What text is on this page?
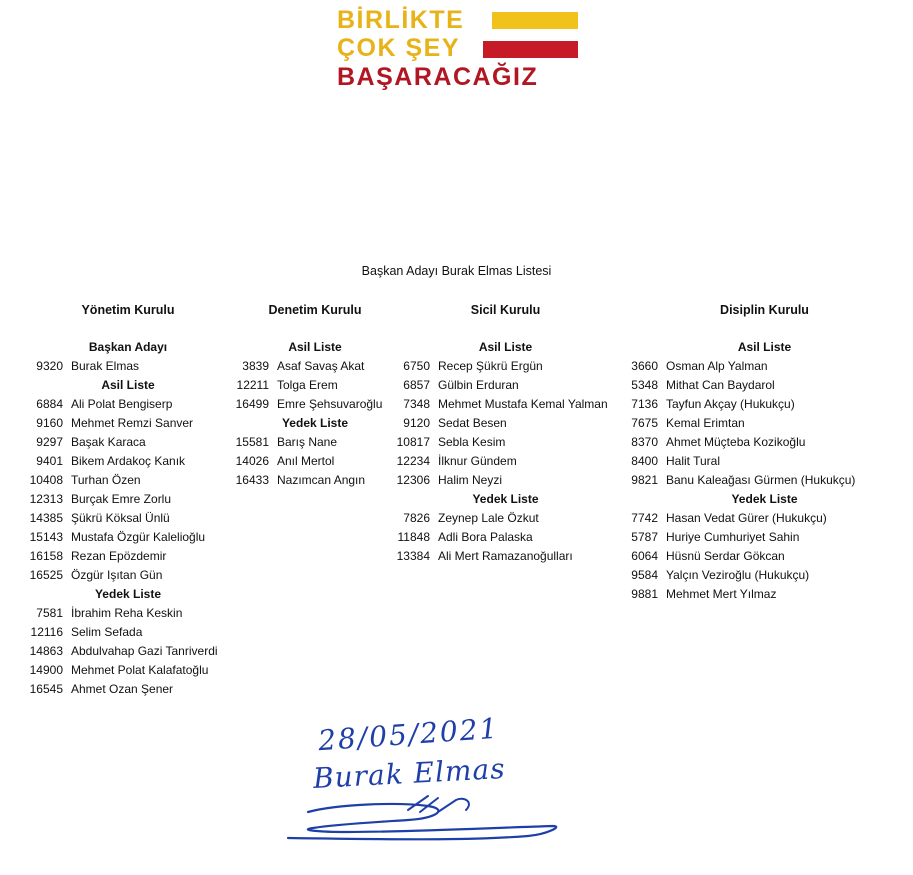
BİRLİKTE
ÇOK ŞEY
BAŞARACAĞIZ
Başkan Adayı Burak Elmas Listesi
Yönetim Kurulu
Başkan Adayı
9320 Burak Elmas
Asil Liste
6884 Ali Polat Bengiserp
9160 Mehmet Remzi Sanver
9297 Başak Karaca
9401 Bikem Ardakoç Kanık
10408 Turhan Özen
12313 Burçak Emre Zorlu
14385 Şükrü Köksal Ünlü
15143 Mustafa Özgür Kalelioğlu
16158 Rezan Epözdemir
16525 Özgür Işıtan Gün
Yedek Liste
7581 İbrahim Reha Keskin
12116 Selim Sefada
14863 Abdulvahap Gazi Tanriverdi
14900 Mehmet Polat Kalafatoğlu
16545 Ahmet Ozan Şener
Denetim Kurulu
Asil Liste
3839 Asaf Savaş Akat
12211 Tolga Erem
16499 Emre Şehsuvaroğlu
Yedek Liste
15581 Barış Nane
14026 Anıl Mertol
16433 Nazımcan Angın
Sicil Kurulu
Asil Liste
6750 Recep Şükrü Ergün
6857 Gülbin Erduran
7348 Mehmet Mustafa Kemal Yalman
9120 Sedat Besen
10817 Sebla Kesim
12234 İlknur Gündem
12306 Halim Neyzi
Yedek Liste
7826 Zeynep Lale Özkut
11848 Adli Bora Palaska
13384 Ali Mert Ramazanoğulları
Disiplin Kurulu
Asil Liste
3660 Osman Alp Yalman
5348 Mithat Can Baydarol
7136 Tayfun Akçay (Hukukçu)
7675 Kemal Erimtan
8370 Ahmet Müçteba Kozikoğlu
8400 Halit Tural
9821 Banu Kaleağası Gürmen (Hukukçu)
Yedek Liste
7742 Hasan Vedat Gürer (Hukukçu)
5787 Huriye Cumhuriyet Sahin
6064 Hüsnü Serdar Gökcan
9584 Yalçın Veziroğlu (Hukukçu)
9881 Mehmet Mert Yılmaz
28/05/2021
Burak Elmas
